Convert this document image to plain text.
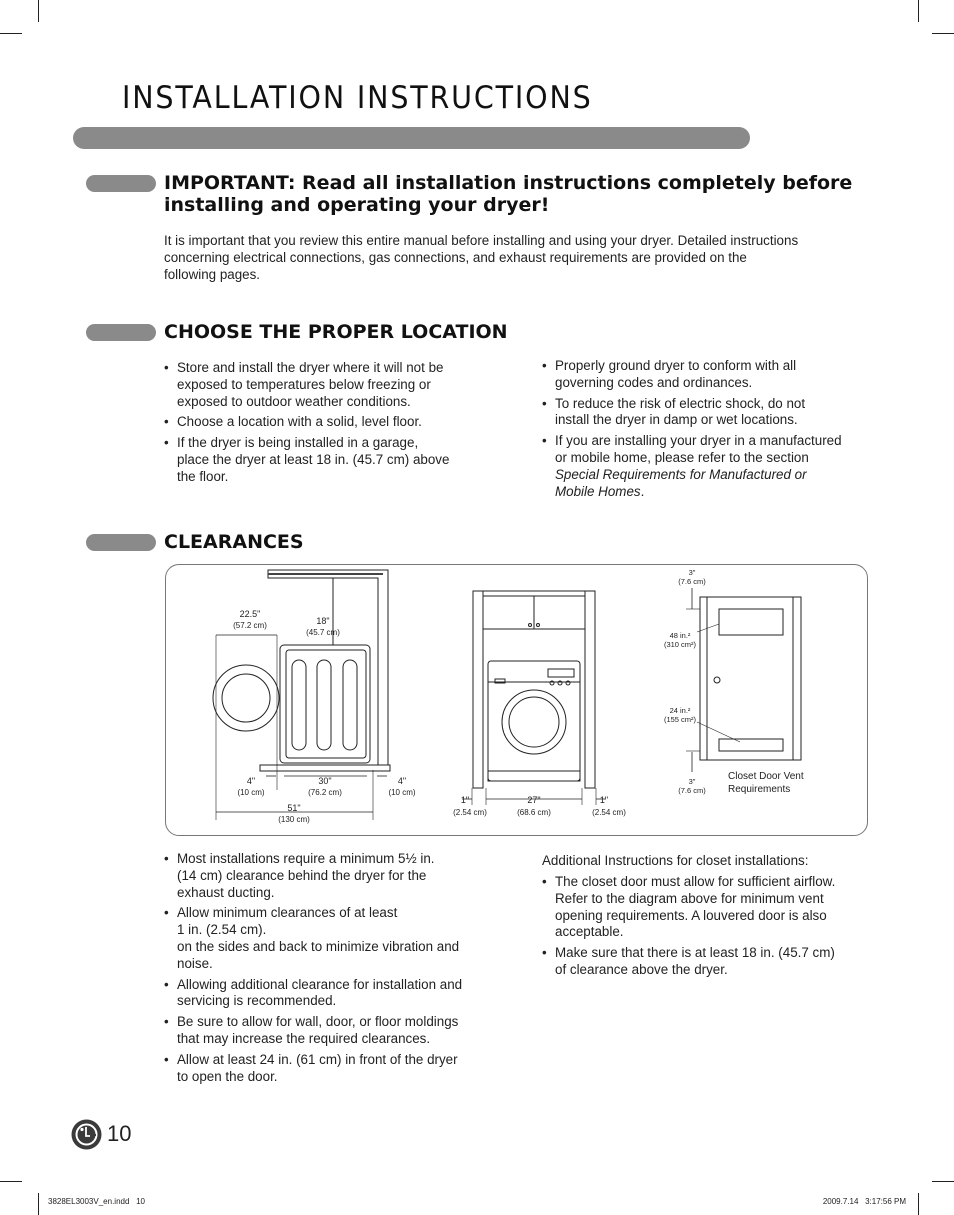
INSTALLATION INSTRUCTIONS
IMPORTANT: Read all installation instructions completely before
installing and operating your dryer!
It is important that you review this entire manual before installing and using your dryer. Detailed instructions
concerning electrical connections, gas connections, and exhaust requirements are provided on the
following pages.
CHOOSE THE PROPER LOCATION
• Store and install the dryer where it will not be
exposed to temperatures below freezing or
exposed to outdoor weather conditions.
• Choose a location with a solid, level floor.
• If the dryer is being installed in a garage,
place the dryer at least 18 in. (45.7 cm) above
the floor.
• Properly ground dryer to conform with all
governing codes and ordinances.
• To reduce the risk of electric shock, do not
install the dryer in damp or wet locations.
• If you are installing your dryer in a manufactured
or mobile home, please refer to the section
Special Requirements for Manufactured or
Mobile Homes.
CLEARANCES
22.5"
(57.2 cm)	18"
(45.7 cm)
4"
(10 cm)
30"
(76.2 cm)
4"
(10 cm)
51"
(130 cm)
1"
(2.54 cm)
27"
(68.6 cm)
1"
(2.54 cm)
3"
(7.6 cm)
48 in.²
(310 cm²)
24 in.²
(155 cm²)
3"
(7.6 cm)
Closet Door Vent
Requirements
• Most installations require a minimum 5½ in.
(14 cm) clearance behind the dryer for the
exhaust ducting.
• Allow minimum clearances of at least
1 in. (2.54 cm).
on the sides and back to minimize vibration and
noise.
• Allowing additional clearance for installation and
servicing is recommended.
• Be sure to allow for wall, door, or floor moldings
that may increase the required clearances.
• Allow at least 24 in. (61 cm) in front of the dryer
to open the door.
Additional Instructions for closet installations:
• The closet door must allow for sufficient airflow.
Refer to the diagram above for minimum vent
opening requirements. A louvered door is also
acceptable.
• Make sure that there is at least 18 in. (45.7 cm)
of clearance above the dryer.
10
3828EL3003V_en.indd   10	2009.7.14   3:17:56 PM
